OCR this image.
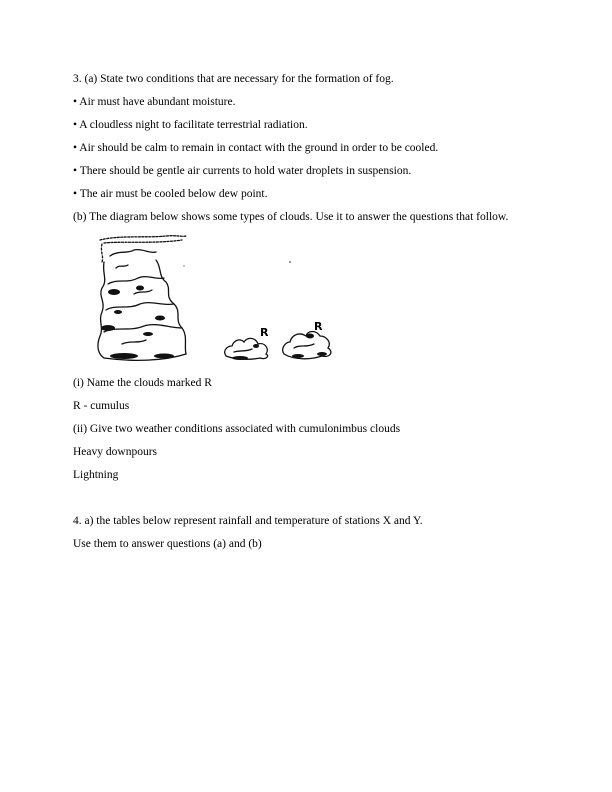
3. (a) State two conditions that are necessary for the formation of fog.
• Air must have abundant moisture.
• A cloudless night to facilitate terrestrial radiation.
• Air should be calm to remain in contact with the ground in order to be cooled.
• There should be gentle air currents to hold water droplets in suspension.
• The air must be cooled below dew point.
(b) The diagram below shows some types of clouds. Use it to answer the questions that follow.
R	R
(i) Name the clouds marked R
R - cumulus
(ii) Give two weather conditions associated with cumulonimbus clouds
Heavy downpours
Lightning
4. a) the tables below represent rainfall and temperature of stations X and Y.
Use them to answer questions (a) and (b)
